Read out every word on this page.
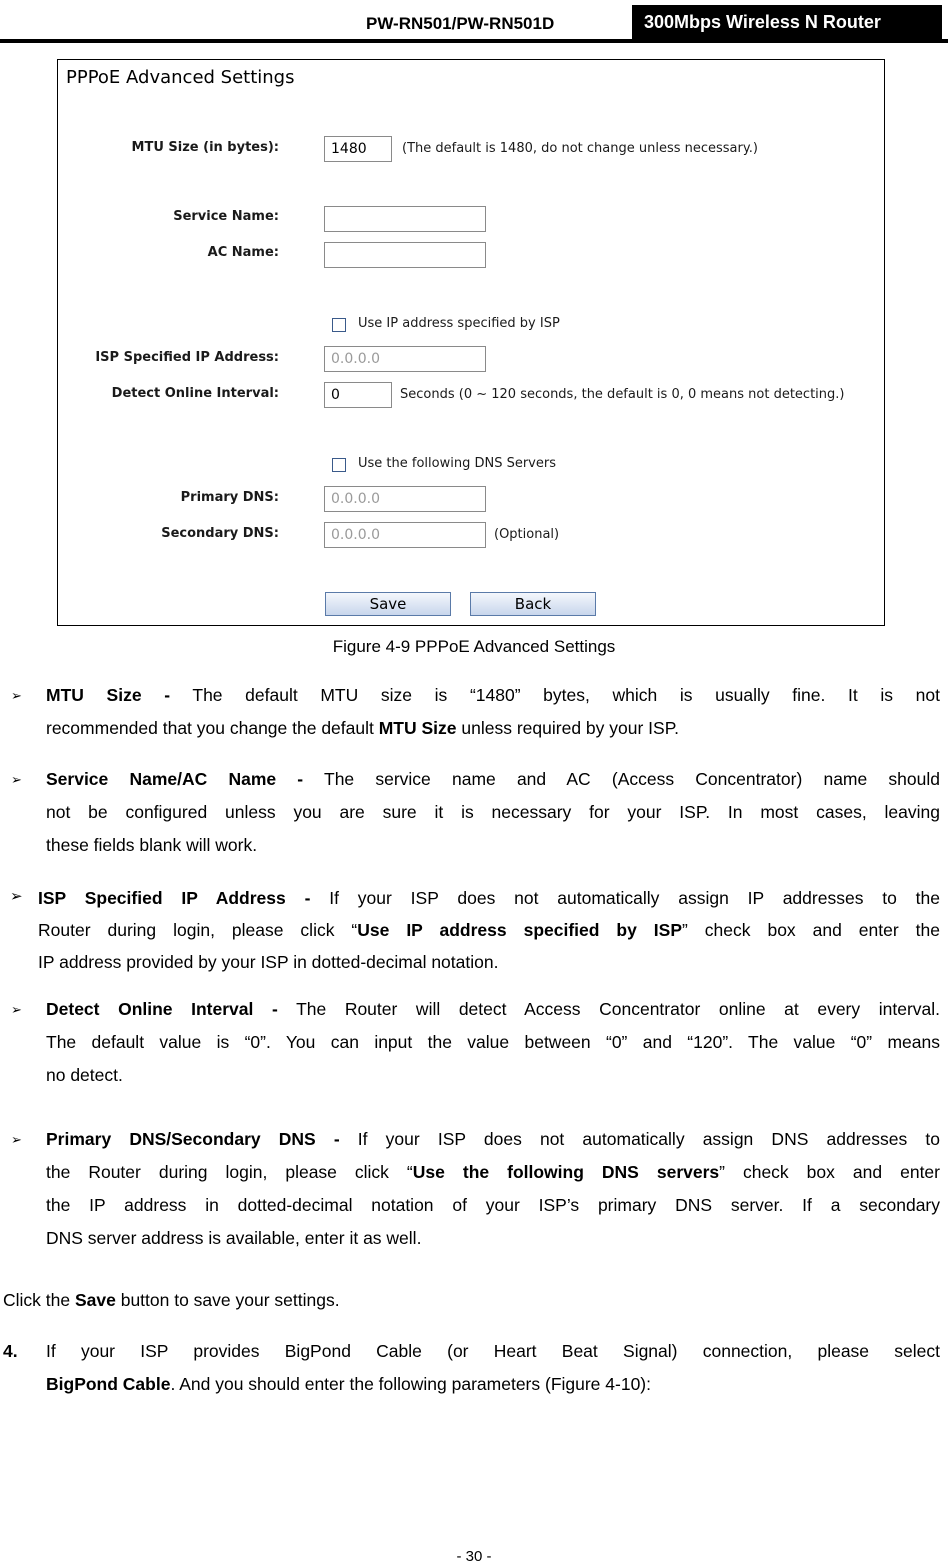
PW-RN501/PW-RN501D	300Mbps Wireless N Router
PPPoE Advanced Settings
MTU Size (in bytes):
1480	(The default is 1480, do not change unless necessary.)
Service Name:
AC Name:
Use IP address specified by ISP
ISP Specified IP Address:
0.0.0.0
Detect Online Interval:
0	Seconds (0 ~ 120 seconds, the default is 0, 0 means not detecting.)
Use the following DNS Servers
Primary DNS:
0.0.0.0
Secondary DNS:
0.0.0.0	(Optional)
Save	Back
Figure 4-9 PPPoE Advanced Settings
➢ MTU Size - The default MTU size is “1480” bytes, which is usually fine. It is not
recommended that you change the default MTU Size unless required by your ISP.
➢ Service Name/AC Name - The service name and AC (Access Concentrator) name should
not be configured unless you are sure it is necessary for your ISP. In most cases, leaving
these fields blank will work.
➢ ISP Specified IP Address - If your ISP does not automatically assign IP addresses to the
Router during login, please click “Use IP address specified by ISP” check box and enter the
IP address provided by your ISP in dotted-decimal notation.
➢ Detect Online Interval - The Router will detect Access Concentrator online at every interval.
The default value is “0”. You can input the value between “0” and “120”. The value “0” means
no detect.
➢ Primary DNS/Secondary DNS - If your ISP does not automatically assign DNS addresses to
the Router during login, please click “Use the following DNS servers” check box and enter
the IP address in dotted-decimal notation of your ISP’s primary DNS server. If a secondary
DNS server address is available, enter it as well.
Click the Save button to save your settings.
4.	If your ISP provides BigPond Cable (or Heart Beat Signal) connection, please select
BigPond Cable. And you should enter the following parameters (Figure 4-10):
- 30 -
